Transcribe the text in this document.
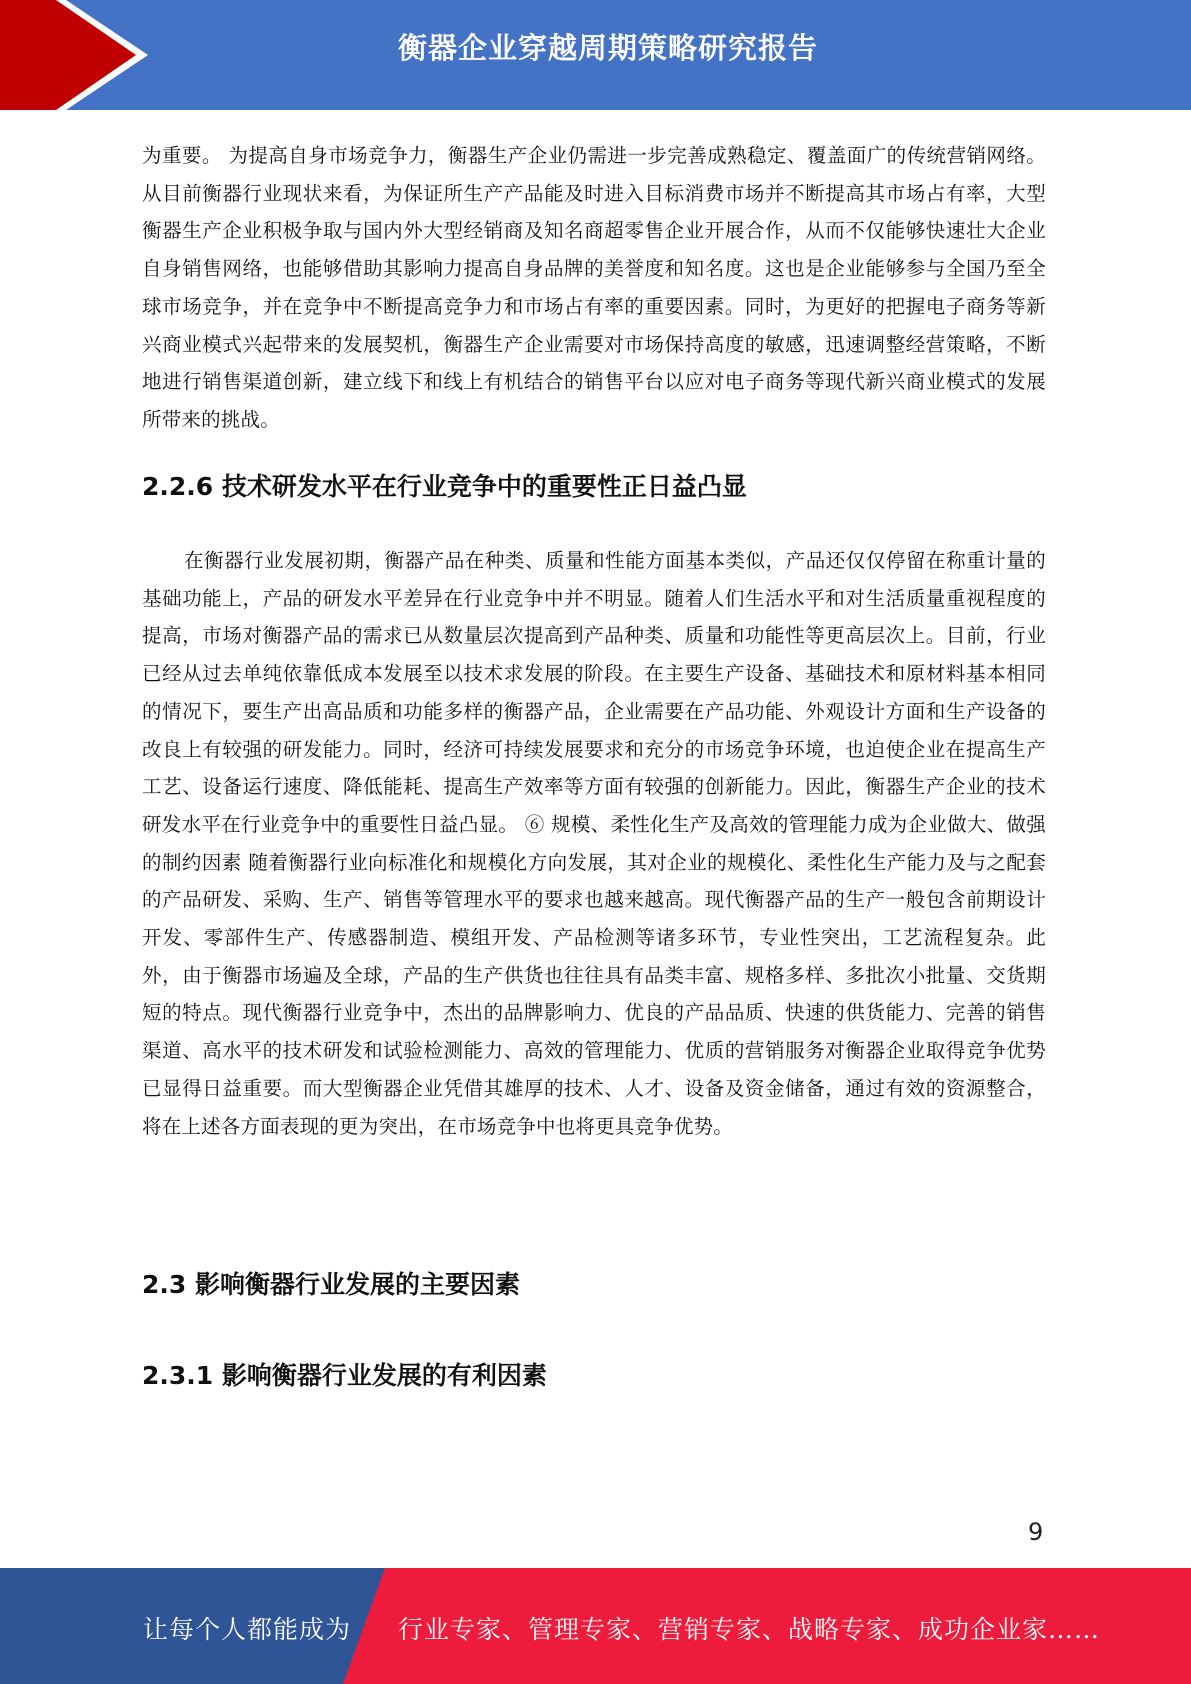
衡器企业穿越周期策略研究报告

为重要。 为提高自身市场竞争力，衡器生产企业仍需进一步完善成熟稳定、覆盖面广的传统营销网络。从目前衡器行业现状来看，为保证所生产产品能及时进入目标消费市场并不断提高其市场占有率，大型衡器生产企业积极争取与国内外大型经销商及知名商超零售企业开展合作，从而不仅能够快速壮大企业自身销售网络，也能够借助其影响力提高自身品牌的美誉度和知名度。这也是企业能够参与全国乃至全球市场竞争，并在竞争中不断提高竞争力和市场占有率的重要因素。同时，为更好的把握电子商务等新兴商业模式兴起带来的发展契机，衡器生产企业需要对市场保持高度的敏感，迅速调整经营策略，不断地进行销售渠道创新，建立线下和线上有机结合的销售平台以应对电子商务等现代新兴商业模式的发展所带来的挑战。

2.2.6 技术研发水平在行业竞争中的重要性正日益凸显

在衡器行业发展初期，衡器产品在种类、质量和性能方面基本类似，产品还仅仅停留在称重计量的基础功能上，产品的研发水平差异在行业竞争中并不明显。随着人们生活水平和对生活质量重视程度的提高，市场对衡器产品的需求已从数量层次提高到产品种类、质量和功能性等更高层次上。目前，行业已经从过去单纯依靠低成本发展至以技术求发展的阶段。在主要生产设备、基础技术和原材料基本相同的情况下，要生产出高品质和功能多样的衡器产品，企业需要在产品功能、外观设计方面和生产设备的改良上有较强的研发能力。同时，经济可持续发展要求和充分的市场竞争环境，也迫使企业在提高生产工艺、设备运行速度、降低能耗、提高生产效率等方面有较强的创新能力。因此，衡器生产企业的技术研发水平在行业竞争中的重要性日益凸显。 ⑥ 规模、柔性化生产及高效的管理能力成为企业做大、做强的制约因素 随着衡器行业向标准化和规模化方向发展，其对企业的规模化、柔性化生产能力及与之配套的产品研发、采购、生产、销售等管理水平的要求也越来越高。现代衡器产品的生产一般包含前期设计开发、零部件生产、传感器制造、模组开发、产品检测等诸多环节，专业性突出，工艺流程复杂。此外，由于衡器市场遍及全球，产品的生产供货也往往具有品类丰富、规格多样、多批次小批量、交货期短的特点。现代衡器行业竞争中，杰出的品牌影响力、优良的产品品质、快速的供货能力、完善的销售渠道、高水平的技术研发和试验检测能力、高效的管理能力、优质的营销服务对衡器企业取得竞争优势已显得日益重要。而大型衡器企业凭借其雄厚的技术、人才、设备及资金储备，通过有效的资源整合，将在上述各方面表现的更为突出，在市场竞争中也将更具竞争优势。

2.3 影响衡器行业发展的主要因素
2.3.1 影响衡器行业发展的有利因素
9
让每个人都能成为 行业专家、管理专家、营销专家、战略专家、成功企业家……
